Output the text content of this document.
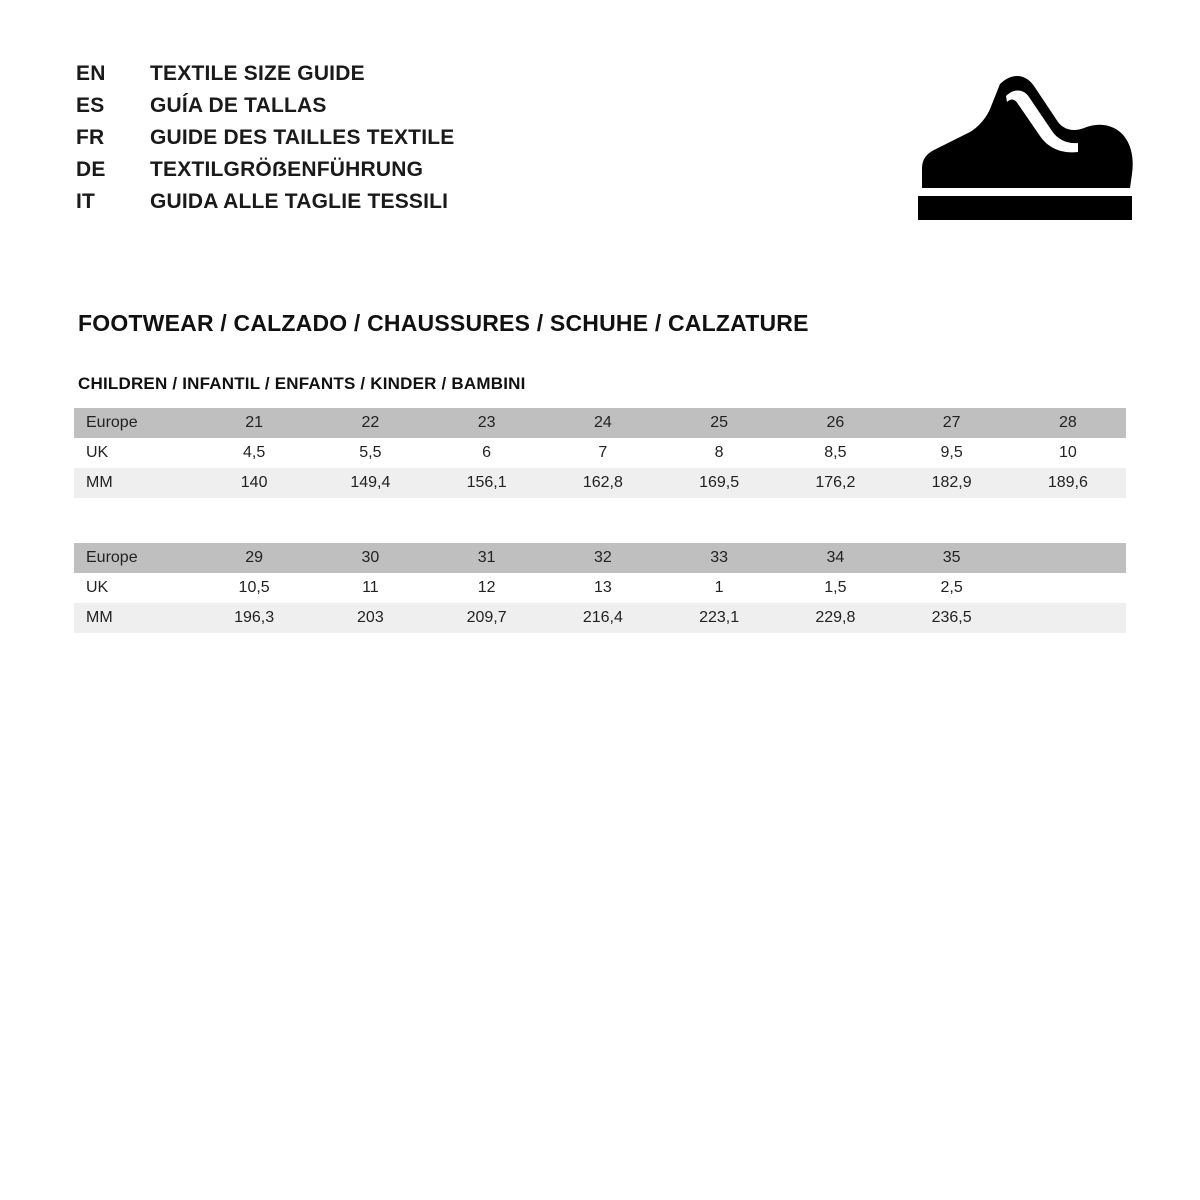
EN	TEXTILE SIZE GUIDE
ES	GUÍA DE TALLAS
FR	GUIDE DES TAILLES TEXTILE
DE	TEXTILGRÖẞENFÜHRUNG
IT	GUIDA ALLE TAGLIE TESSILI
FOOTWEAR / CALZADO / CHAUSSURES / SCHUHE / CALZATURE
CHILDREN / INFANTIL / ENFANTS / KINDER / BAMBINI
Europe	21	22	23	24	25	26	27	28
UK	4,5	5,5	6	7	8	8,5	9,5	10
MM	140	149,4	156,1	162,8	169,5	176,2	182,9	189,6
Europe	29	30	31	32	33	34	35	
UK	10,5	11	12	13	1	1,5	2,5	
MM	196,3	203	209,7	216,4	223,1	229,8	236,5	
